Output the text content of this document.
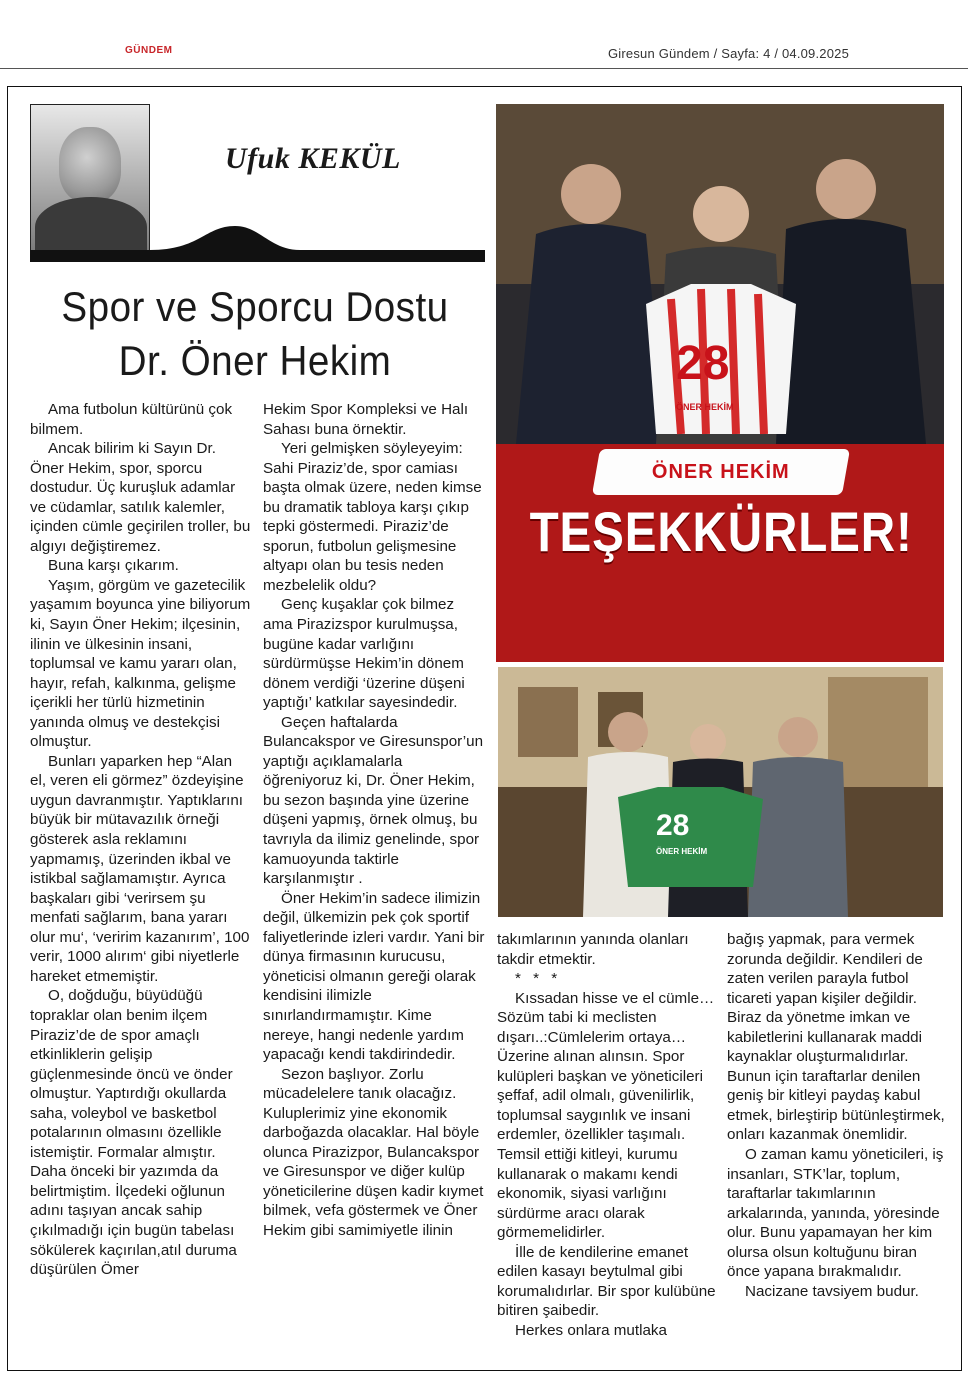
GÜNDEM	Giresun Gündem / Sayfa: 4 / 04.09.2025
Ufuk KEKÜL
Spor ve Sporcu Dostu
Dr. Öner Hekim

Ama futbolun kültürünü çok bilmem.

Ancak bilirim ki Sayın Dr. Öner Hekim, spor, sporcu dostudur. Üç kuruşluk adamlar ve cüdamlar, satılık kalemler, içinden cümle geçirilen troller, bu algıyı değiştiremez.

Buna karşı çıkarım.

Yaşım, görgüm ve gazetecilik yaşamım boyunca yine biliyorum ki, Sayın Öner Hekim; ilçesinin, ilinin ve ülkesinin insani, toplumsal ve kamu yararı olan, hayır, refah, kalkınma, gelişme içerikli her türlü hizmetinin yanında olmuş ve destekçisi olmuştur.

Bunları yaparken hep “Alan el, veren eli görmez” özdeyişine uygun davranmıştır. Yaptıklarını büyük bir mütavazılık örneği gösterek asla reklamını yapmamış, üzerinden ikbal ve istikbal sağlamamıştır. Ayrıca başkaları gibi ‘verirsem şu menfati sağlarım, bana yararı olur mu‘, ‘veririm kazanırım’, 100 verir, 1000 alırım‘ gibi niyetlerle hareket etmemiştir.

O, doğduğu, büyüdüğü topraklar olan benim ilçem Piraziz’de de spor amaçlı etkinliklerin gelişip güçlenmesinde öncü ve önder olmuştur. Yaptırdığı okullarda saha, voleybol ve basketbol potalarının olmasını özellikle istemiştir. Formalar almıştır. Daha önceki bir yazımda da belirtmiştim. İlçedeki oğlunun adını taşıyan ancak sahip çıkılmadığı için bugün tabelası sökülerek kaçırılan,atıl duruma düşürülen Ömer

Hekim Spor Kompleksi ve Halı Sahası buna örnektir.

Yeri gelmişken söyleyeyim: Sahi Piraziz’de, spor camiası başta olmak üzere, neden kimse bu dramatik tabloya karşı çıkıp tepki göstermedi. Piraziz’de sporun, futbolun gelişmesine altyapı olan bu tesis neden mezbelelik oldu?

Genç kuşaklar çok bilmez ama Pirazizspor kurulmuşsa, bugüne kadar varlığını sürdürmüşse Hekim’in dönem dönem verdiği ‘üzerine düşeni yaptığı’ katkılar sayesindedir.

Geçen haftalarda Bulancakspor ve Giresunspor’un yaptığı açıklamalarla öğreniyoruz ki, Dr. Öner Hekim, bu sezon başında yine üzerine düşeni yapmış, örnek olmuş, bu tavrıyla da ilimiz genelinde, spor kamuoyunda taktirle karşılanmıştır .

Öner Hekim’in sadece ilimizin değil, ülkemizin pek çok sportif faliyetlerinde izleri vardır. Yani bir dünya firmasının kurucusu, yöneticisi olmanın gereği olarak kendisini ilimizle sınırlandırmamıştır. Kime nereye, hangi nedenle yardım yapacağı kendi takdirindedir.

Sezon başlıyor. Zorlu mücadelelere tanık olacağız. Kuluplerimiz yine ekonomik darboğazda olacaklar. Hal böyle olunca Pirazizpor, Bulancakspor ve Giresunspor ve diğer kulüp yöneticilerine düşen kadir kıymet bilmek, vefa göstermek ve Öner Hekim gibi samimiyetle ilinin

takımlarının yanında olanları takdir etmektir.

* * *

Kıssadan hisse ve el cümle…Sözüm tabi ki meclisten dışarı..:Cümlelerim ortaya… Üzerine alınan alınsın. Spor kulüpleri başkan ve yöneticileri şeffaf, adil olmalı, güvenilirlik, toplumsal saygınlık ve insani erdemler, özellikler taşımalı. Temsil ettiği kitleyi, kurumu kullanarak o makamı kendi ekonomik, siyasi varlığını sürdürme aracı olarak görmemelidirler.

İlle de kendilerine emanet edilen kasayı beytulmal gibi korumalıdırlar. Bir spor kulübüne bitiren şaibedir.

Herkes onlara mutlaka

bağış yapmak, para vermek zorunda değildir. Kendileri de zaten verilen parayla futbol ticareti yapan kişiler değildir. Biraz da yönetme imkan ve kabiletlerini kullanarak maddi kaynaklar oluşturmalıdırlar. Bunun için taraftarlar denilen geniş bir kitleyi paydaş kabul etmek, birleştirip bütünleştirmek, onları kazanmak önemlidir.

O zaman kamu yöneticileri, iş insanları, STK’lar, toplum, taraftarlar takımlarının arkalarında, yanında, yöresinde olur. Bunu yapamayan her kim olursa olsun koltuğunu biran önce yapana bırakmalıdır.

Nacizane tavsiyem budur.

28
ÖNER HEKİM
ÖNER HEKİM
TEŞEKKÜRLER!
28
ÖNER HEKİM
